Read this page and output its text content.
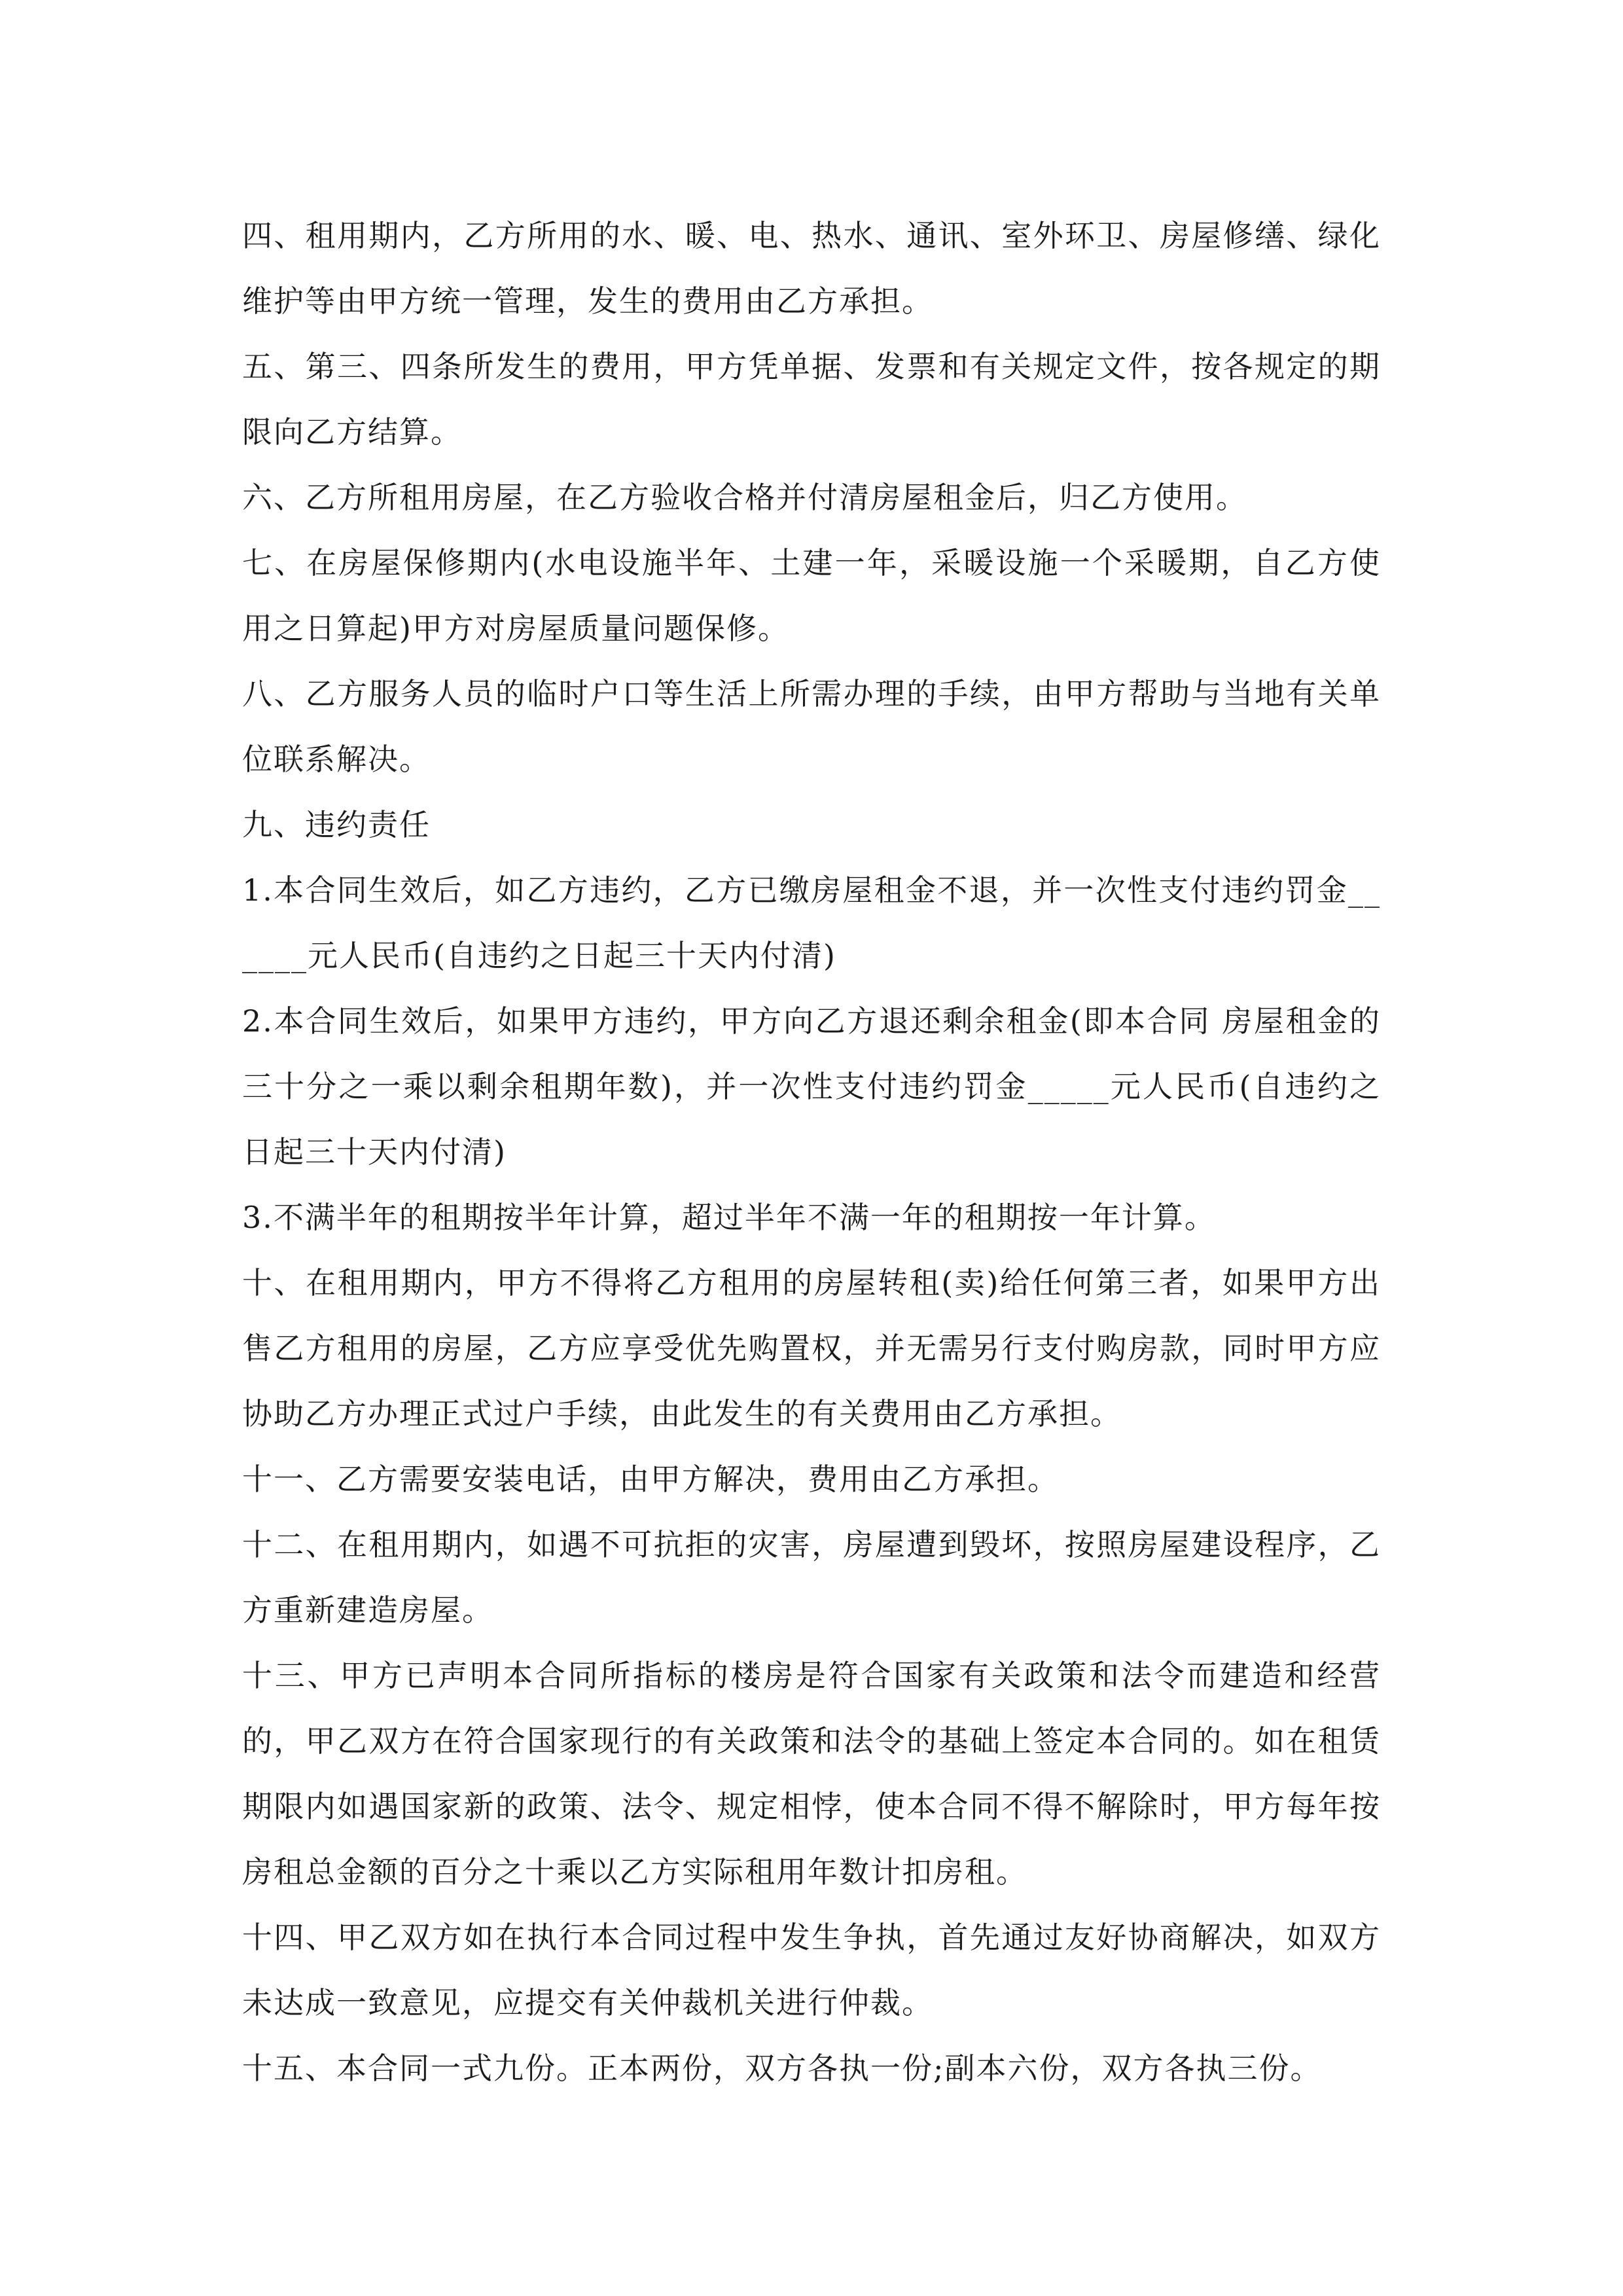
四、租用期内，乙方所用的水、暖、电、热水、通讯、室外环卫、房屋修缮、绿化维护等由甲方统一管理，发生的费用由乙方承担。

五、第三、四条所发生的费用，甲方凭单据、发票和有关规定文件，按各规定的期限向乙方结算。

六、乙方所租用房屋，在乙方验收合格并付清房屋租金后，归乙方使用。

七、在房屋保修期内(水电设施半年、土建一年，采暖设施一个采暖期，自乙方使用之日算起)甲方对房屋质量问题保修。

八、乙方服务人员的临时户口等生活上所需办理的手续，由甲方帮助与当地有关单位联系解决。

九、违约责任

1.本合同生效后，如乙方违约，乙方已缴房屋租金不退，并一次性支付违约罚金______元人民币(自违约之日起三十天内付清)

2.本合同生效后，如果甲方违约，甲方向乙方退还剩余租金(即本合同 房屋租金的三十分之一乘以剩余租期年数)，并一次性支付违约罚金_____元人民币(自违约之日起三十天内付清)

3.不满半年的租期按半年计算，超过半年不满一年的租期按一年计算。

十、在租用期内，甲方不得将乙方租用的房屋转租(卖)给任何第三者，如果甲方出售乙方租用的房屋，乙方应享受优先购置权，并无需另行支付购房款，同时甲方应协助乙方办理正式过户手续，由此发生的有关费用由乙方承担。

十一、乙方需要安装电话，由甲方解决，费用由乙方承担。

十二、在租用期内，如遇不可抗拒的灾害，房屋遭到毁坏，按照房屋建设程序，乙方重新建造房屋。

十三、甲方已声明本合同所指标的楼房是符合国家有关政策和法令而建造和经营的，甲乙双方在符合国家现行的有关政策和法令的基础上签定本合同的。如在租赁期限内如遇国家新的政策、法令、规定相悖，使本合同不得不解除时，甲方每年按房租总金额的百分之十乘以乙方实际租用年数计扣房租。

十四、甲乙双方如在执行本合同过程中发生争执，首先通过友好协商解决，如双方未达成一致意见，应提交有关仲裁机关进行仲裁。

十五、本合同一式九份。正本两份，双方各执一份;副本六份，双方各执三份。
